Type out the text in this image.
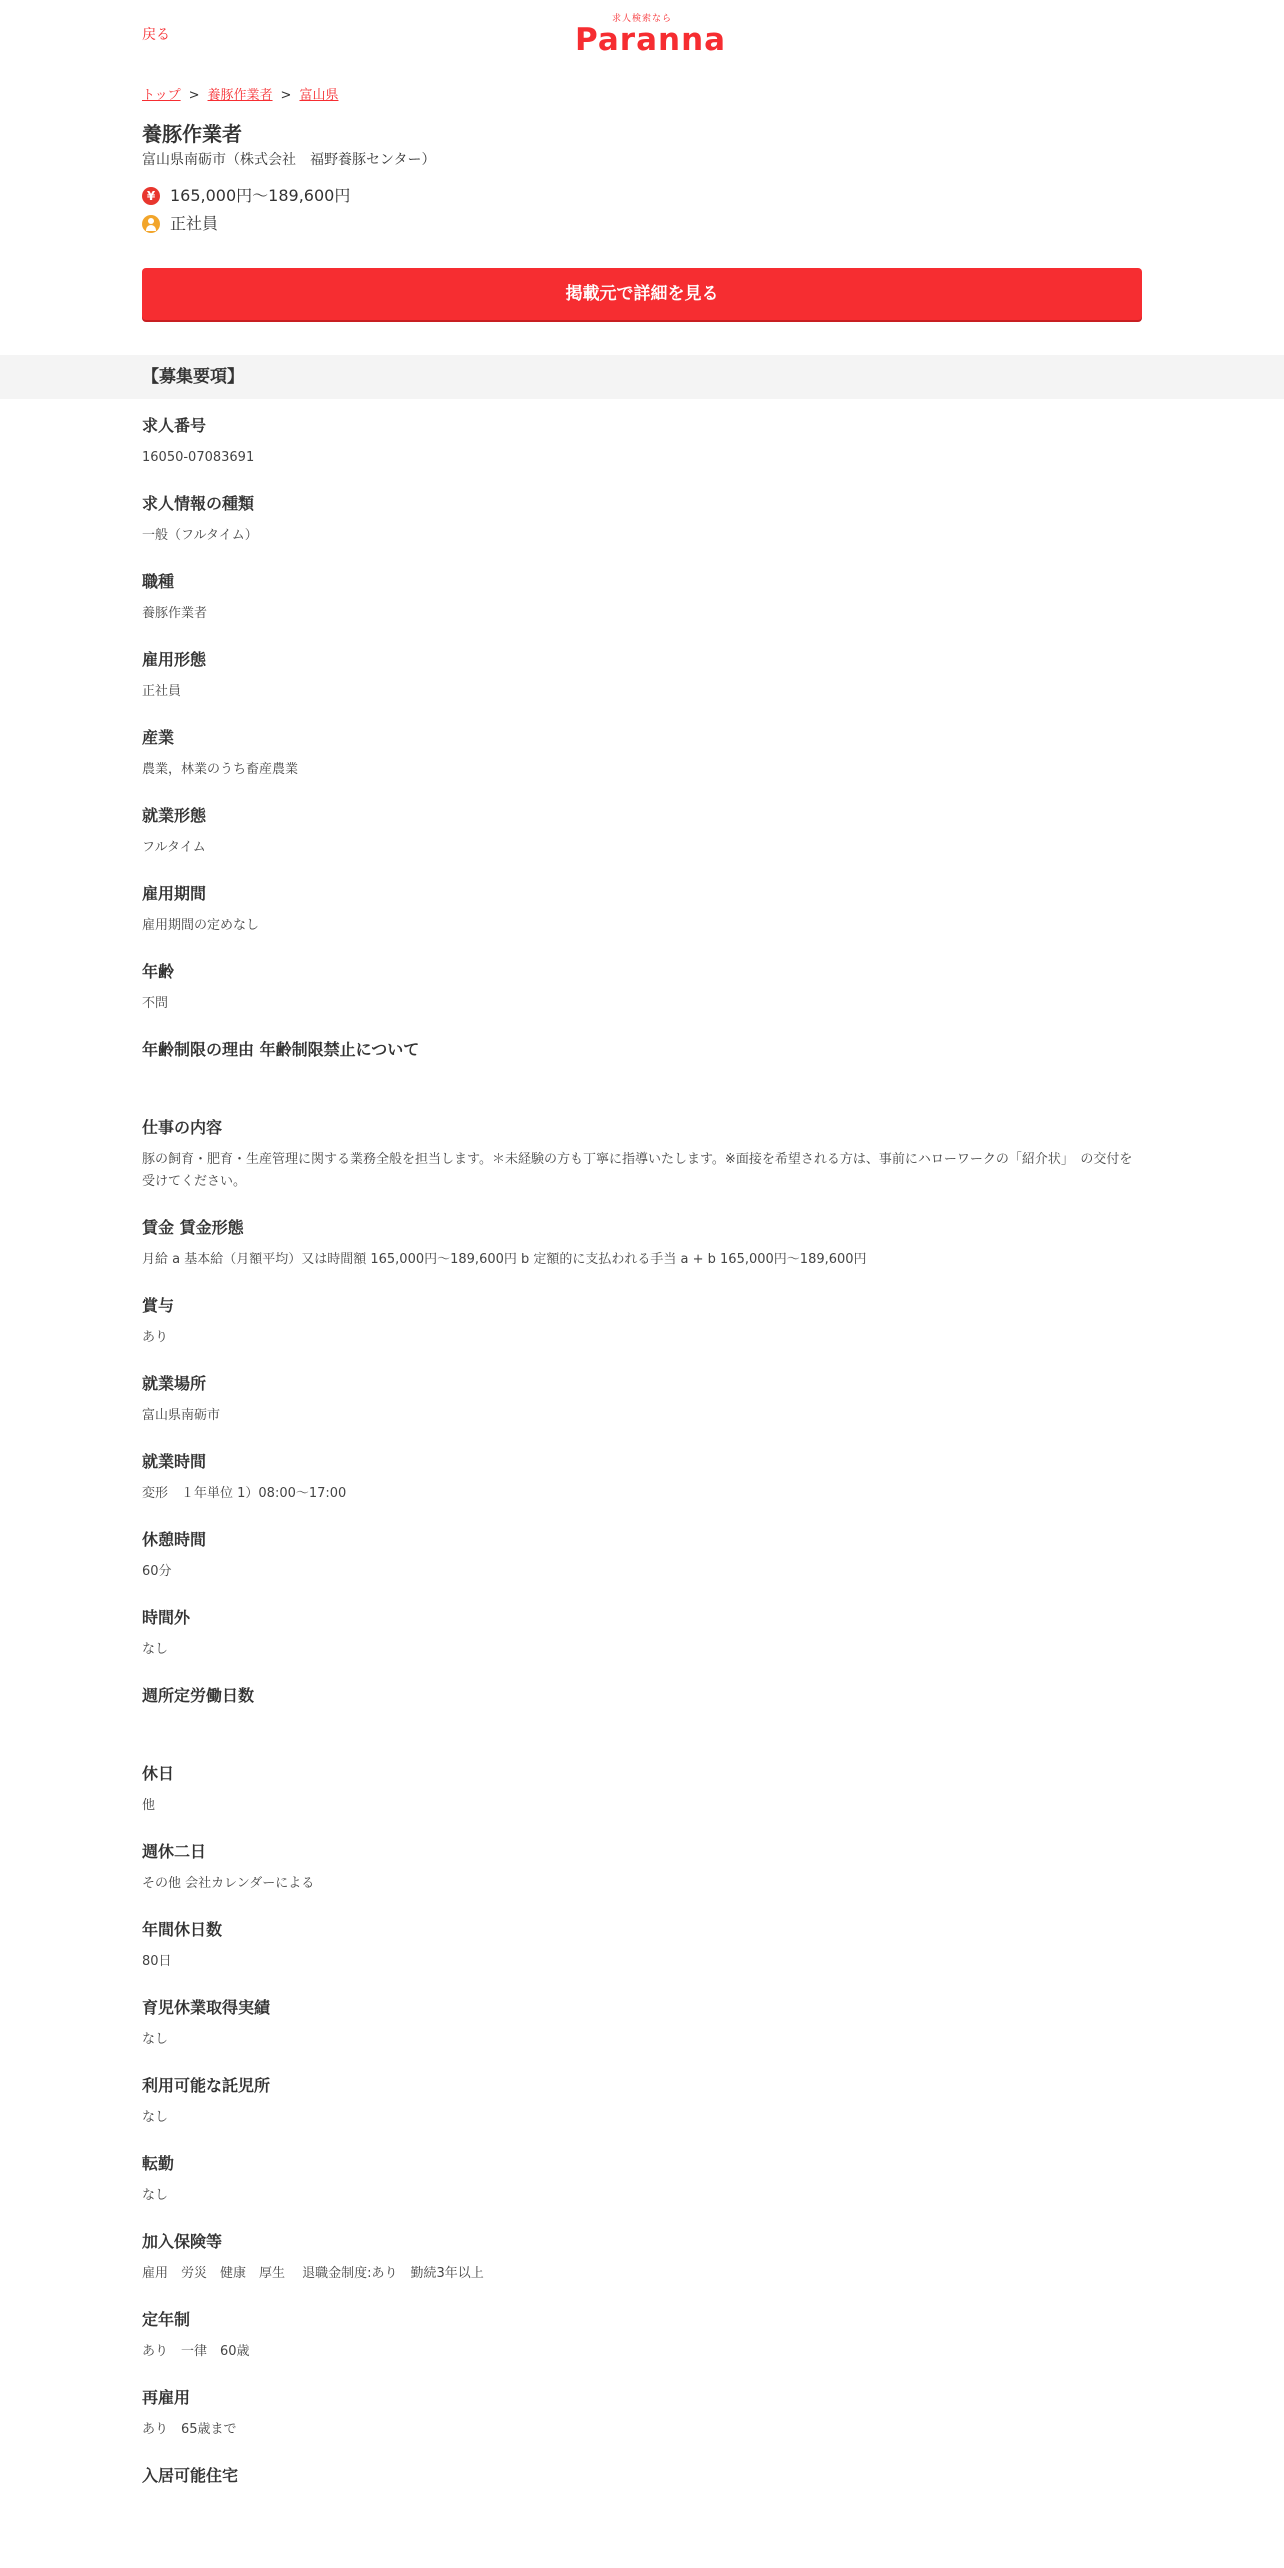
戻る
求人検索なら
Paranna
トップ > 養豚作業者 > 富山県
養豚作業者
富山県南砺市（株式会社　福野養豚センター）
¥ 165,000円～189,600円
正社員
掲載元で詳細を見る
【募集要項】
求人番号
16050-07083691
求人情報の種類
一般（フルタイム）
職種
養豚作業者
雇用形態
正社員
産業
農業，林業のうち畜産農業
就業形態
フルタイム
雇用期間
雇用期間の定めなし
年齢
不問
年齢制限の理由 年齢制限禁止について
仕事の内容
豚の飼育・肥育・生産管理に関する業務全般を担当します。＊未経験の方も丁寧に指導いたします。※面接を希望される方は、事前にハローワークの「紹介状」　の交付を受けてください。
賃金 賃金形態
月給 a 基本給（月額平均）又は時間額 165,000円～189,600円 b 定額的に支払われる手当 a + b 165,000円～189,600円
賞与
あり
就業場所
富山県南砺市
就業時間
変形　１年単位 1）08:00～17:00
休憩時間
60分
時間外
なし
週所定労働日数
休日
他
週休二日
その他 会社カレンダーによる
年間休日数
80日
育児休業取得実績
なし
利用可能な託児所
なし
転勤
なし
加入保険等
雇用　労災　健康　厚生　 退職金制度:あり　勤続3年以上
定年制
あり　一律　60歳
再雇用
あり　65歳まで
入居可能住宅
